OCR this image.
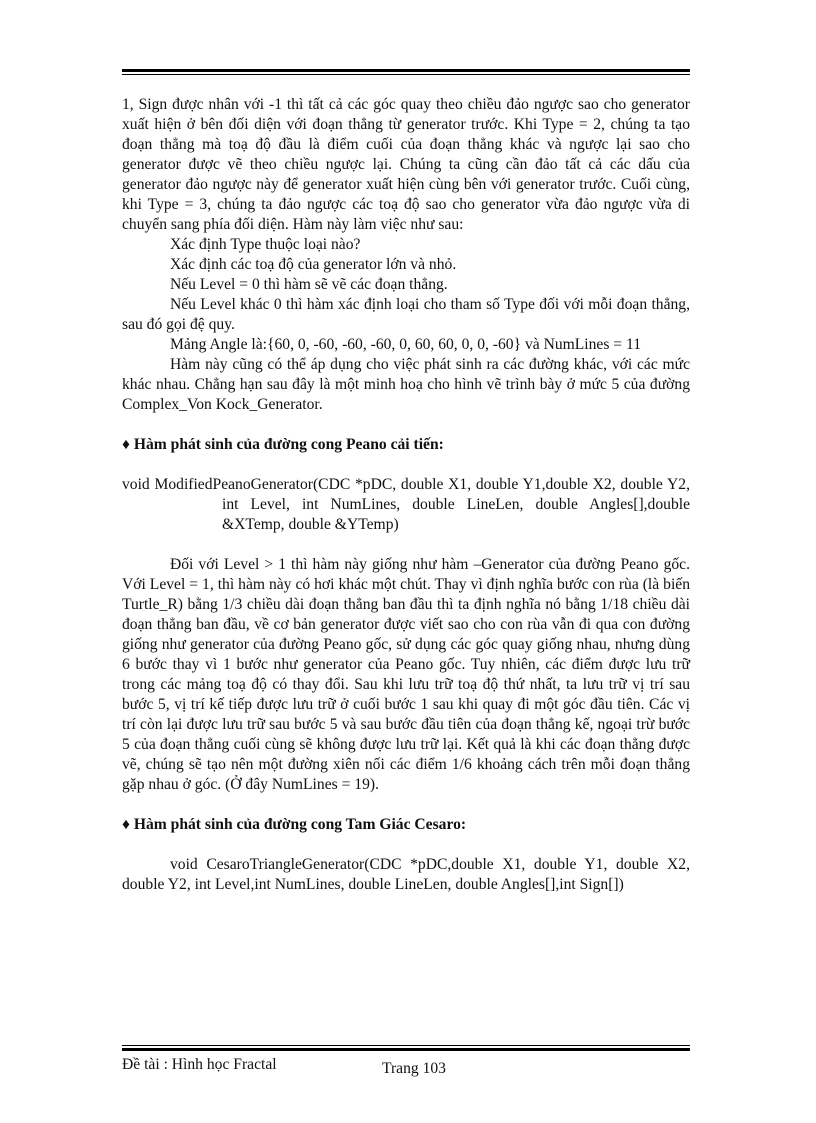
1, Sign được nhân với -1 thì tất cả các góc quay theo chiều đảo ngược sao cho generator xuất hiện ở bên đối diện với đoạn thẳng từ generator trước. Khi Type = 2, chúng ta tạo đoạn thẳng mà toạ độ đầu là điểm cuối của đoạn thẳng khác và ngược lại sao cho generator được vẽ theo chiều ngược lại. Chúng ta cũng cần đảo tất cả các dấu của generator đảo ngược này để generator xuất hiện cùng bên với generator trước. Cuối cùng, khi Type = 3, chúng ta đảo ngược các toạ độ sao cho generator vừa đảo ngược vừa di chuyển sang phía đối diện. Hàm này làm việc như sau:

Xác định Type thuộc loại nào?

Xác định các toạ độ của generator lớn và nhỏ.

Nếu Level = 0 thì hàm sẽ vẽ các đoạn thẳng.

Nếu Level khác 0 thì hàm xác định loại cho tham số Type đối với mỗi đoạn thẳng, sau đó gọi đệ quy.

Mảng Angle là:{60, 0, -60, -60, -60, 0, 60, 60, 0, 0, -60} và NumLines = 11

Hàm này cũng có thể áp dụng cho việc phát sinh ra các đường khác, với các mức khác nhau. Chẳng hạn sau đây là một minh hoạ cho hình vẽ trình bày ở mức 5 của đường Complex_Von Kock_Generator.

♦ Hàm phát sinh của đường cong Peano cải tiến:

void ModifiedPeanoGenerator(CDC *pDC, double X1, double Y1,double X2, double Y2, int Level, int NumLines, double LineLen, double Angles[],double &XTemp, double &YTemp)

Đối với Level > 1 thì hàm này giống như hàm –Generator của đường Peano gốc. Với Level = 1, thì hàm này có hơi khác một chút. Thay vì định nghĩa bước con rùa (là biến Turtle_R) bằng 1/3 chiều dài đoạn thẳng ban đầu thì ta định nghĩa nó bằng 1/18 chiều dài đoạn thẳng ban đầu, về cơ bản generator được viết sao cho con rùa vẫn đi qua con đường giống như generator của đường Peano gốc, sử dụng các góc quay giống nhau, nhưng dùng 6 bước thay vì 1 bước như generator của Peano gốc. Tuy nhiên, các điểm được lưu trữ trong các mảng toạ độ có thay đổi. Sau khi lưu trữ toạ độ thứ nhất, ta lưu trữ vị trí sau bước 5, vị trí kế tiếp được lưu trữ ở cuối bước 1 sau khi quay đi một góc đầu tiên. Các vị trí còn lại được lưu trữ sau bước 5 và sau bước đầu tiên của đoạn thẳng kế, ngoại trừ bước 5 của đoạn thẳng cuối cùng sẽ không được lưu trữ lại. Kết quả là khi các đoạn thẳng được vẽ, chúng sẽ tạo nên một đường xiên nối các điểm 1/6 khoảng cách trên mỗi đoạn thẳng gặp nhau ở góc. (Ở đây NumLines = 19).

♦ Hàm phát sinh của đường cong Tam Giác Cesaro:

void CesaroTriangleGenerator(CDC *pDC,double X1, double Y1, double X2, double Y2, int Level,int NumLines, double LineLen, double Angles[],int Sign[])

Đề tài : Hình học Fractal	Trang 103
